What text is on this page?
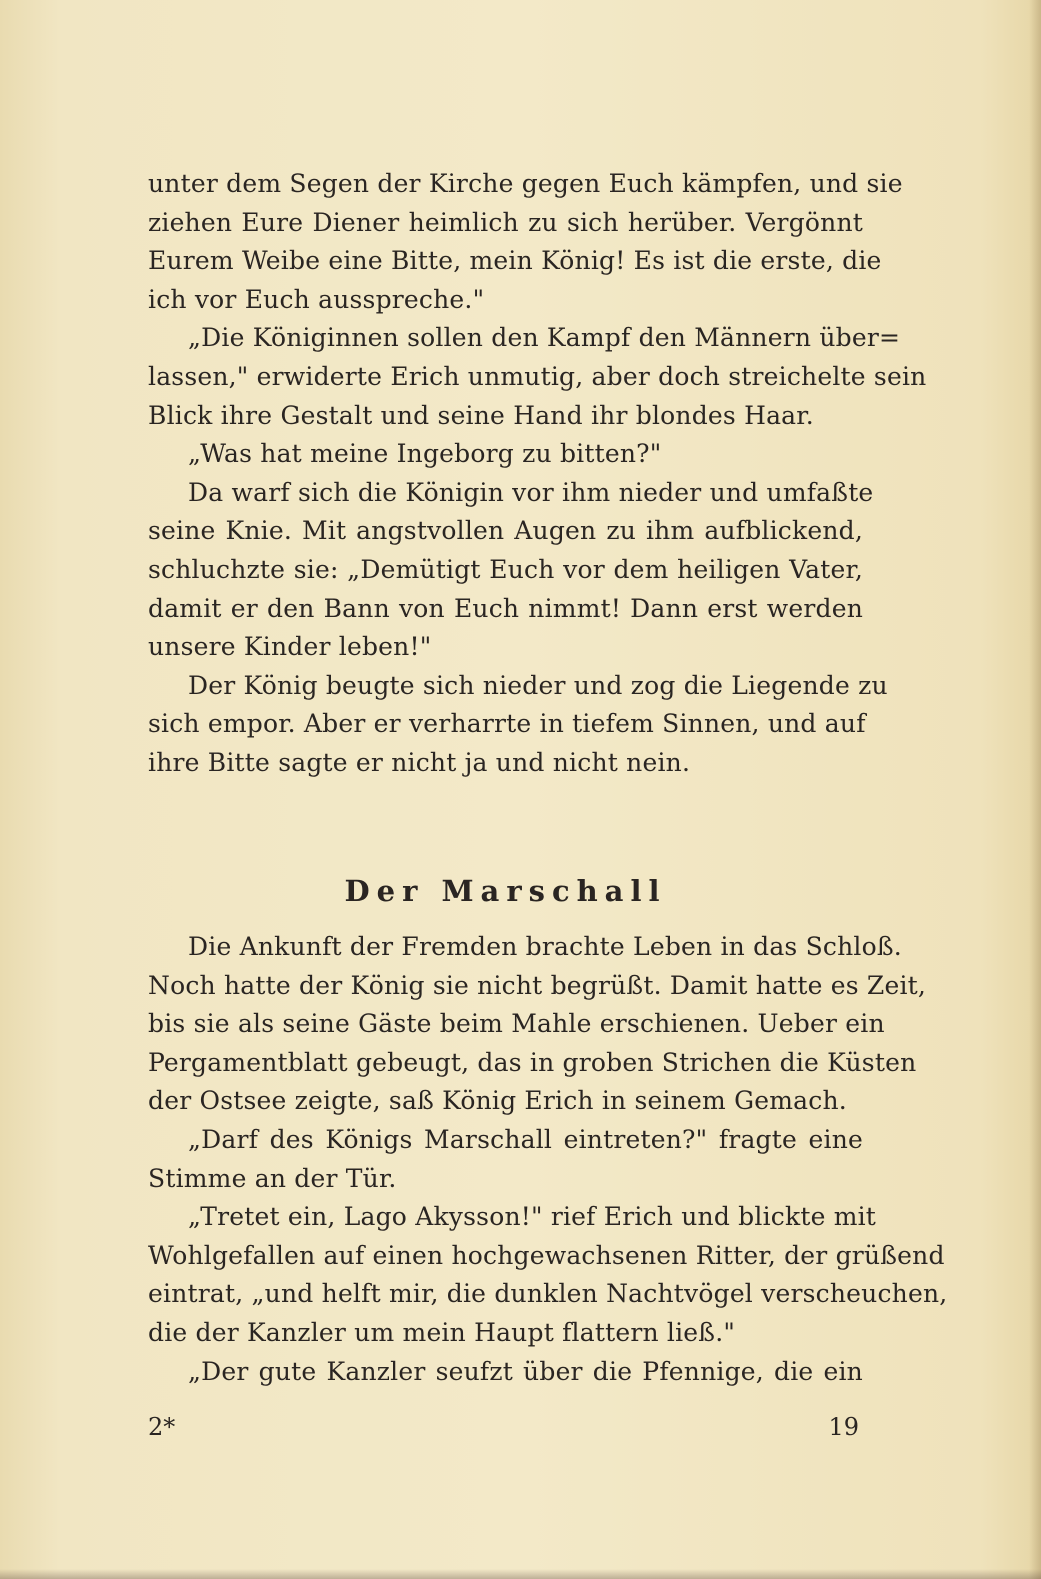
unter dem Segen der Kirche gegen Euch kämpfen, und sie
ziehen Eure Diener heimlich zu sich herüber. Vergönnt
Eurem Weibe eine Bitte, mein König! Es ist die erste, die
ich vor Euch ausspreche."
„Die Königinnen sollen den Kampf den Männern über=
lassen," erwiderte Erich unmutig, aber doch streichelte sein
Blick ihre Gestalt und seine Hand ihr blondes Haar.
„Was hat meine Ingeborg zu bitten?"
Da warf sich die Königin vor ihm nieder und umfaßte
seine Knie. Mit angstvollen Augen zu ihm aufblickend,
schluchzte sie: „Demütigt Euch vor dem heiligen Vater,
damit er den Bann von Euch nimmt! Dann erst werden
unsere Kinder leben!"
Der König beugte sich nieder und zog die Liegende zu
sich empor. Aber er verharrte in tiefem Sinnen, und auf
ihre Bitte sagte er nicht ja und nicht nein.
Der Marschall
Die Ankunft der Fremden brachte Leben in das Schloß.
Noch hatte der König sie nicht begrüßt. Damit hatte es Zeit,
bis sie als seine Gäste beim Mahle erschienen. Ueber ein
Pergamentblatt gebeugt, das in groben Strichen die Küsten
der Ostsee zeigte, saß König Erich in seinem Gemach.
„Darf des Königs Marschall eintreten?" fragte eine
Stimme an der Tür.
„Tretet ein, Lago Akysson!" rief Erich und blickte mit
Wohlgefallen auf einen hochgewachsenen Ritter, der grüßend
eintrat, „und helft mir, die dunklen Nachtvögel verscheuchen,
die der Kanzler um mein Haupt flattern ließ."
„Der gute Kanzler seufzt über die Pfennige, die ein
2*	19
